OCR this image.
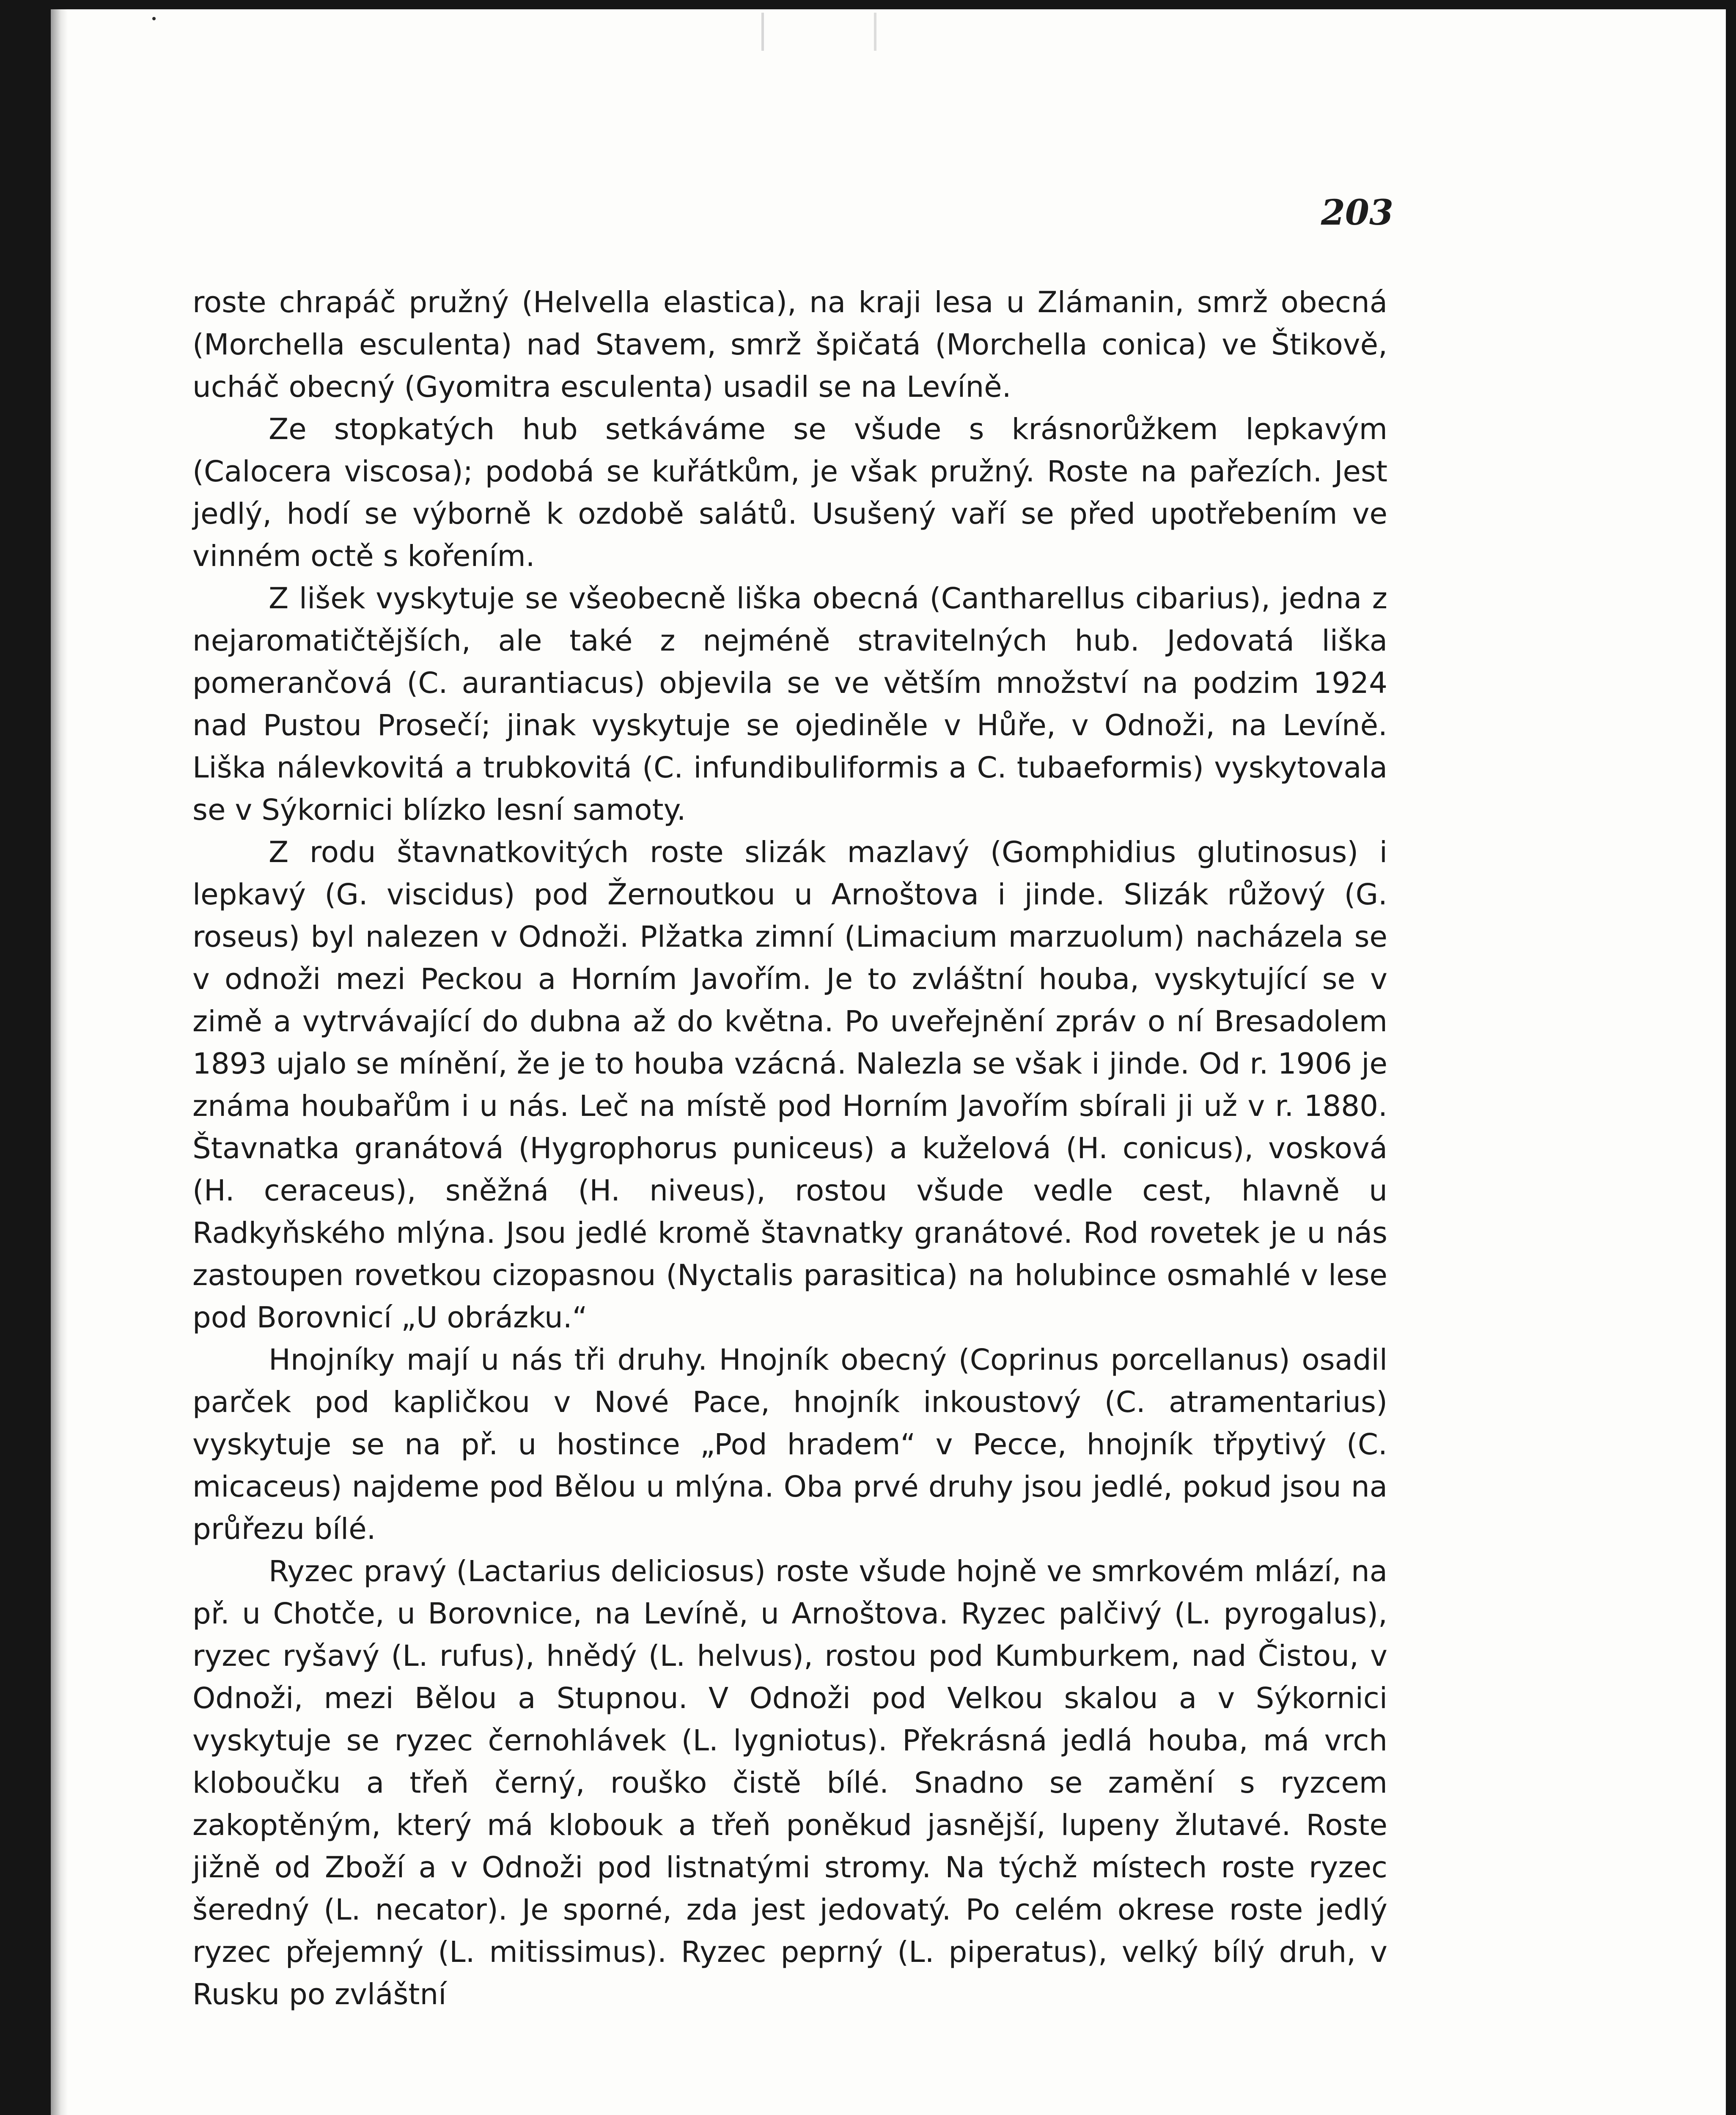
203

roste chrapáč pružný (Helvella elastica), na kraji lesa u Zlámanin, smrž obecná (Morchella esculenta) nad Stavem, smrž špičatá (Morchella conica) ve Štikově, ucháč obecný (Gyomitra esculenta) usadil se na Levíně.

Ze stopkatých hub setkáváme se všude s krásnorůžkem lepkavým (Calocera viscosa); podobá se kuřátkům, je však pružný. Roste na pařezích. Jest jedlý, hodí se výborně k ozdobě salátů. Usušený vaří se před upotřebením ve vinném octě s kořením.

Z lišek vyskytuje se všeobecně liška obecná (Cantharellus cibarius), jedna z nejaromatičtějších, ale také z nejméně stravitelných hub. Jedovatá liška pomerančová (C. aurantiacus) objevila se ve větším množství na podzim 1924 nad Pustou Prosečí; jinak vyskytuje se ojediněle v Hůře, v Odnoži, na Levíně. Liška nálevkovitá a trubkovitá (C. infundibuliformis a C. tubaeformis) vyskytovala se v Sýkornici blízko lesní samoty.

Z rodu štavnatkovitých roste slizák mazlavý (Gomphidius glutinosus) i lepkavý (G. viscidus) pod Žernoutkou u Arnoštova i jinde. Slizák růžový (G. roseus) byl nalezen v Odnoži. Plžatka zimní (Limacium marzuolum) nacházela se v odnoži mezi Peckou a Horním Javořím. Je to zvláštní houba, vyskytující se v zimě a vytrvávající do dubna až do května. Po uveřejnění zpráv o ní Bresadolem 1893 ujalo se mínění, že je to houba vzácná. Nalezla se však i jinde. Od r. 1906 je známa houbařům i u nás. Leč na místě pod Horním Javořím sbírali ji už v r. 1880. Štavnatka granátová (Hygrophorus puniceus) a kuželová (H. conicus), vosková (H. ceraceus), sněžná (H. niveus), rostou všude vedle cest, hlavně u Radkyňského mlýna. Jsou jedlé kromě štavnatky granátové. Rod rovetek je u nás zastoupen rovetkou cizopasnou (Nyctalis parasitica) na holubince osmahlé v lese pod Borovnicí „U obrázku.“

Hnojníky mají u nás tři druhy. Hnojník obecný (Coprinus porcellanus) osadil parček pod kapličkou v Nové Pace, hnojník inkoustový (C. atramentarius) vyskytuje se na př. u hostince „Pod hradem“ v Pecce, hnojník třpytivý (C. micaceus) najdeme pod Bělou u mlýna. Oba prvé druhy jsou jedlé, pokud jsou na průřezu bílé.

Ryzec pravý (Lactarius deliciosus) roste všude hojně ve smrkovém mlází, na př. u Chotče, u Borovnice, na Levíně, u Arnoštova. Ryzec palčivý (L. pyrogalus), ryzec ryšavý (L. rufus), hnědý (L. helvus), rostou pod Kumburkem, nad Čistou, v Odnoži, mezi Bělou a Stupnou. V Odnoži pod Velkou skalou a v Sýkornici vyskytuje se ryzec černohlávek (L. lygniotus). Překrásná jedlá houba, má vrch kloboučku a třeň černý, rouško čistě bílé. Snadno se zamění s ryzcem zakoptěným, který má klobouk a třeň poněkud jasnější, lupeny žlutavé. Roste jižně od Zboží a v Odnoži pod listnatými stromy. Na týchž místech roste ryzec šeredný (L. necator). Je sporné, zda jest jedovatý. Po celém okrese roste jedlý ryzec přejemný (L. mitissimus). Ryzec peprný (L. piperatus), velký bílý druh, v Rusku po zvláštní
